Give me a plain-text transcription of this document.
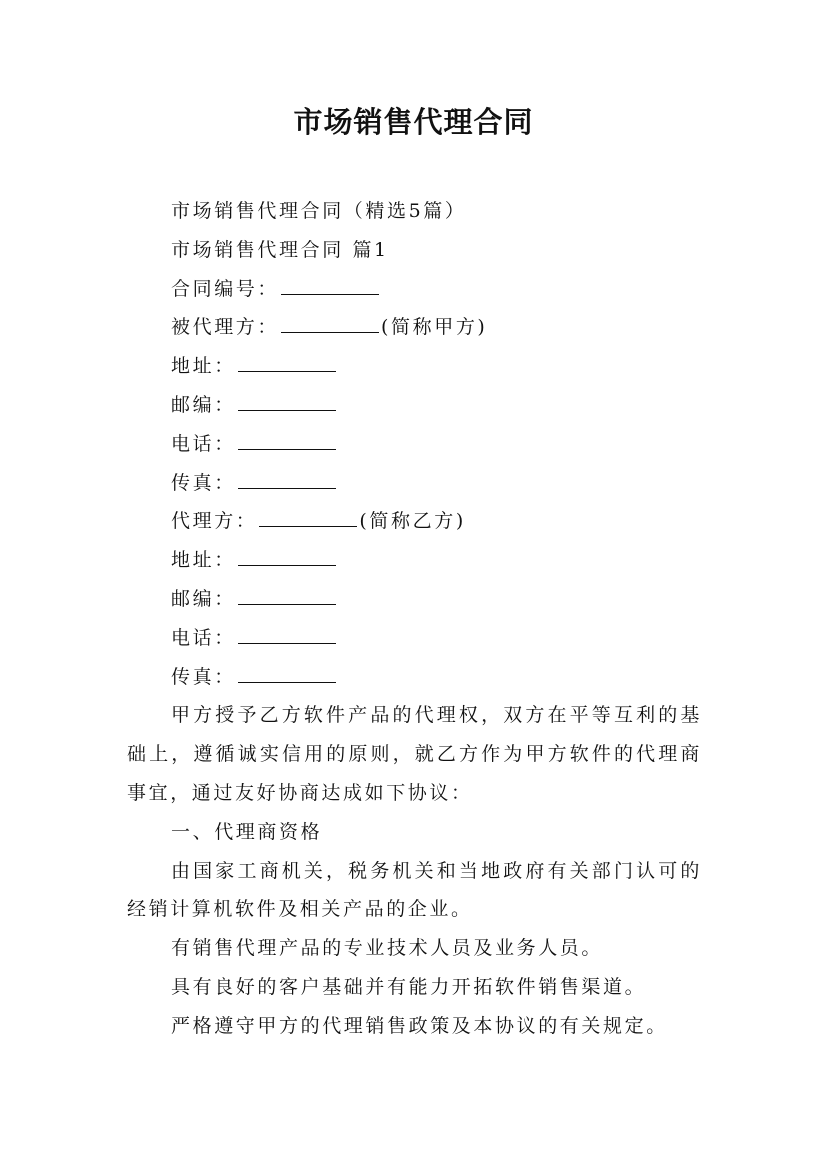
市场销售代理合同
市场销售代理合同（精选5篇）
市场销售代理合同 篇1
合同编号：
被代理方：	(简称甲方)
地址：
邮编：
电话：
传真：
代理方：	(简称乙方)
地址：
邮编：
电话：
传真：
甲方授予乙方软件产品的代理权，双方在平等互利的基础上，遵循诚实信用的原则，就乙方作为甲方软件的代理商事宜，通过友好协商达成如下协议：
一、代理商资格
由国家工商机关，税务机关和当地政府有关部门认可的经销计算机软件及相关产品的企业。
有销售代理产品的专业技术人员及业务人员。
具有良好的客户基础并有能力开拓软件销售渠道。
严格遵守甲方的代理销售政策及本协议的有关规定。
